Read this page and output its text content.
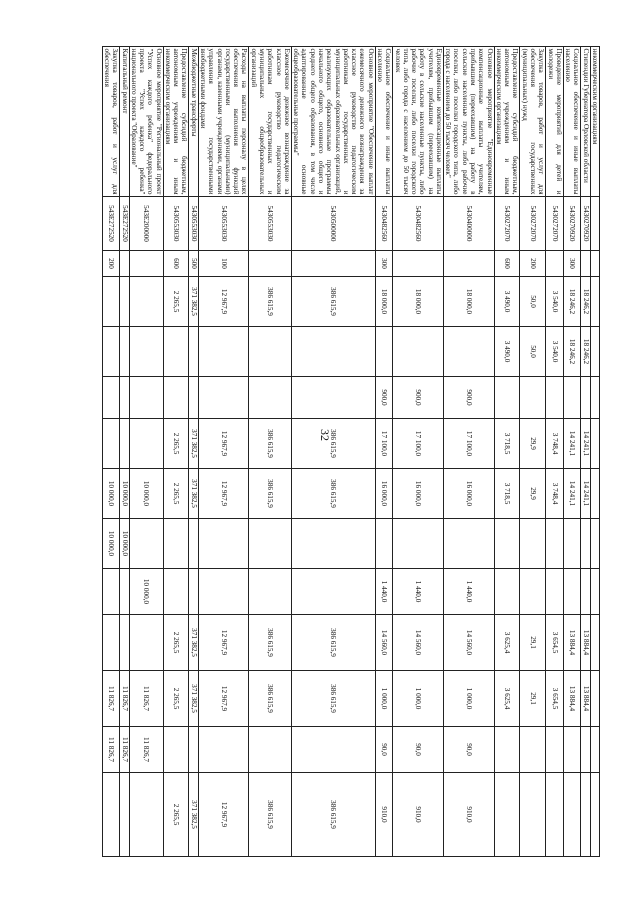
32
некоммерческим организациям													
Стипендии Губернатора Орловской области	5430270920		18 246,2	18 246,2		14 241,1	14 241,1			13 884,4	13 884,4		
Социальное обеспечение и иные выплаты населению	5430270920	300	18 246,2	18 246,2		14 241,1	14 241,1			13 884,4	13 884,4		
Проведение мероприятий для детей и молодежи	5430272070		3 540,0	3 540,0		3 748,4	3 748,4			3 654,5	3 654,5		
Закупка товаров, работ и услуг для обеспечения государственных (муниципальных) нужд	5430272070	200	50,0	50,0		29,9	29,9			29,1	29,1		
Предоставление субсидий бюджетным, автономным учреждениям и иным некоммерческим организациям	5430272070	600	3 490,0	3 490,0		3 718,5	3 718,5			3 625,4	3 625,4		
Основное мероприятие "Единовременные компенсационные выплаты учителям, прибывшим (переехавшим) на работу в сельские населенные пункты, либо рабочие поселки, либо поселки городского типа, либо города с населением до 50 тысяч человек"	5430400000		18 000,0		900,0	17 100,0	16 000,0		1 440,0	14 560,0	1 000,0	90,0	910,0
Единовременные компенсационные выплаты учителям, прибывшим (переехавшим) на работу в сельские населенные пункты, либо рабочие поселки, либо поселки городского типа, либо города с населением до 50 тысяч человек	5430482560		18 000,0		900,0	17 100,0	16 000,0		1 440,0	14 560,0	1 000,0	90,0	910,0
Социальное обеспечение и иные выплаты населению	5430482560	300	18 000,0		900,0	17 100,0	16 000,0		1 440,0	14 560,0	1 000,0	90,0	910,0
Основное мероприятие "Обеспечение выплат ежемесячного денежного вознаграждения за классное руководство педагогическим работникам государственных и муниципальных образовательных организаций, реализующих образовательные программы начального общего, основного общего и среднего общего образования, в том числе адаптированные основные общеобразовательные программы"	5430500000		386 615,9			386 615,9	386 615,9			386 615,9	386 615,9		386 615,9
Ежемесячное денежное вознаграждение за классное руководство педагогическим работникам государственных и муниципальных общеобразовательных организаций	5430553030		386 615,9			386 615,9	386 615,9			386 615,9	386 615,9		386 615,9
Расходы на выплаты персоналу в целях обеспечения выполнения функций государственными (муниципальными) органами, казенными учреждениями, органами управления государственными внебюджетными фондами	5430553030	100	12 967,9			12 967,9	12 967,9			12 967,9	12 967,9		12 967,9
Межбюджетные трансферты	5430553030	500	371 382,5			371 382,5	371 382,5			371 382,5	371 382,5		371 382,5
Предоставление субсидий бюджетным, автономным учреждениям и иным некоммерческим организациям	5430553030	600	2 265,5			2 265,5	2 265,5			2 265,5	2 265,5		2 265,5
Основное мероприятие "Региональный проект "Успех каждого ребенка" федерального проекта "Успех каждого ребенка" национального проекта "Образование"	543E200000						10 000,0		10 000,0		11 826,7	11 826,7	
Капитальный ремонт	543E272520						10 000,0	10 000,0			11 826,7	11 826,7	
Закупка товаров, работ и услуг для обеспечения	543E272520	200					10 000,0	10 000,0			11 826,7	11 826,7	
